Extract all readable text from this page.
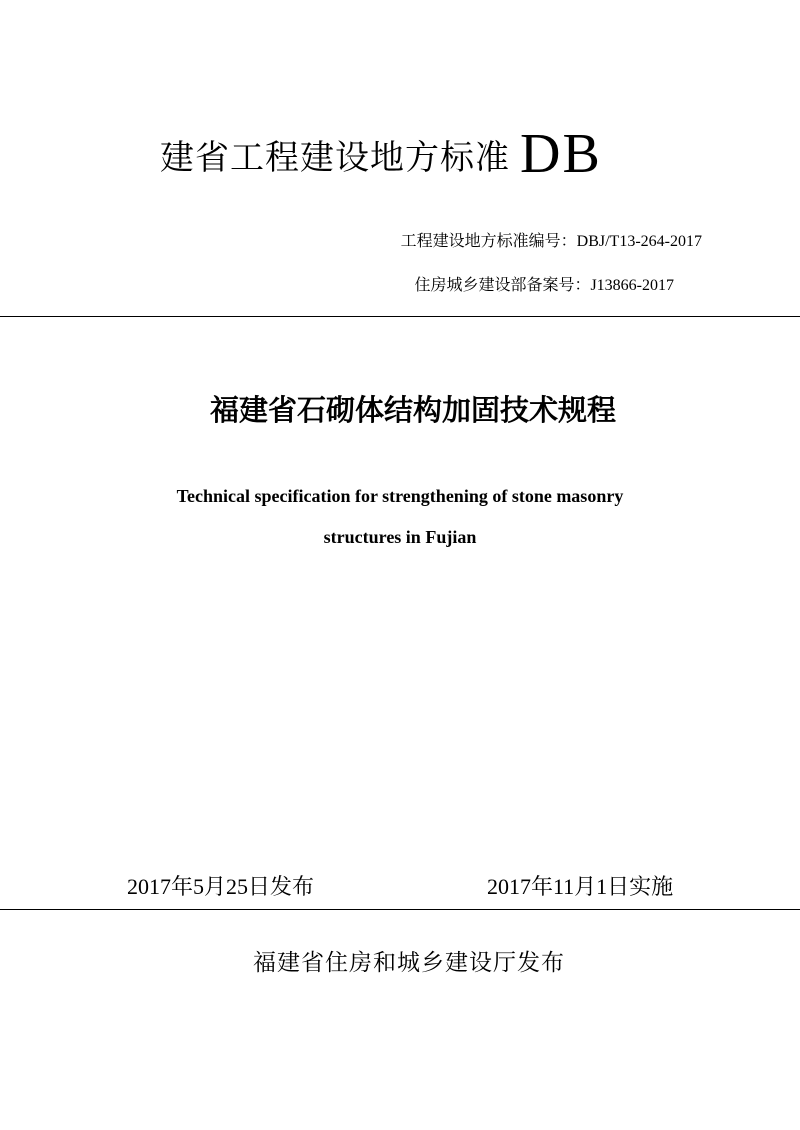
建省工程建设地方标准 DB
工程建设地方标准编号：DBJ/T13-264-2017
住房城乡建设部备案号：J13866-2017
福建省石砌体结构加固技术规程
Technical specification for strengthening of stone masonry
structures in Fujian
2017年5月25日发布	2017年11月1日实施
福建省住房和城乡建设厅发布
